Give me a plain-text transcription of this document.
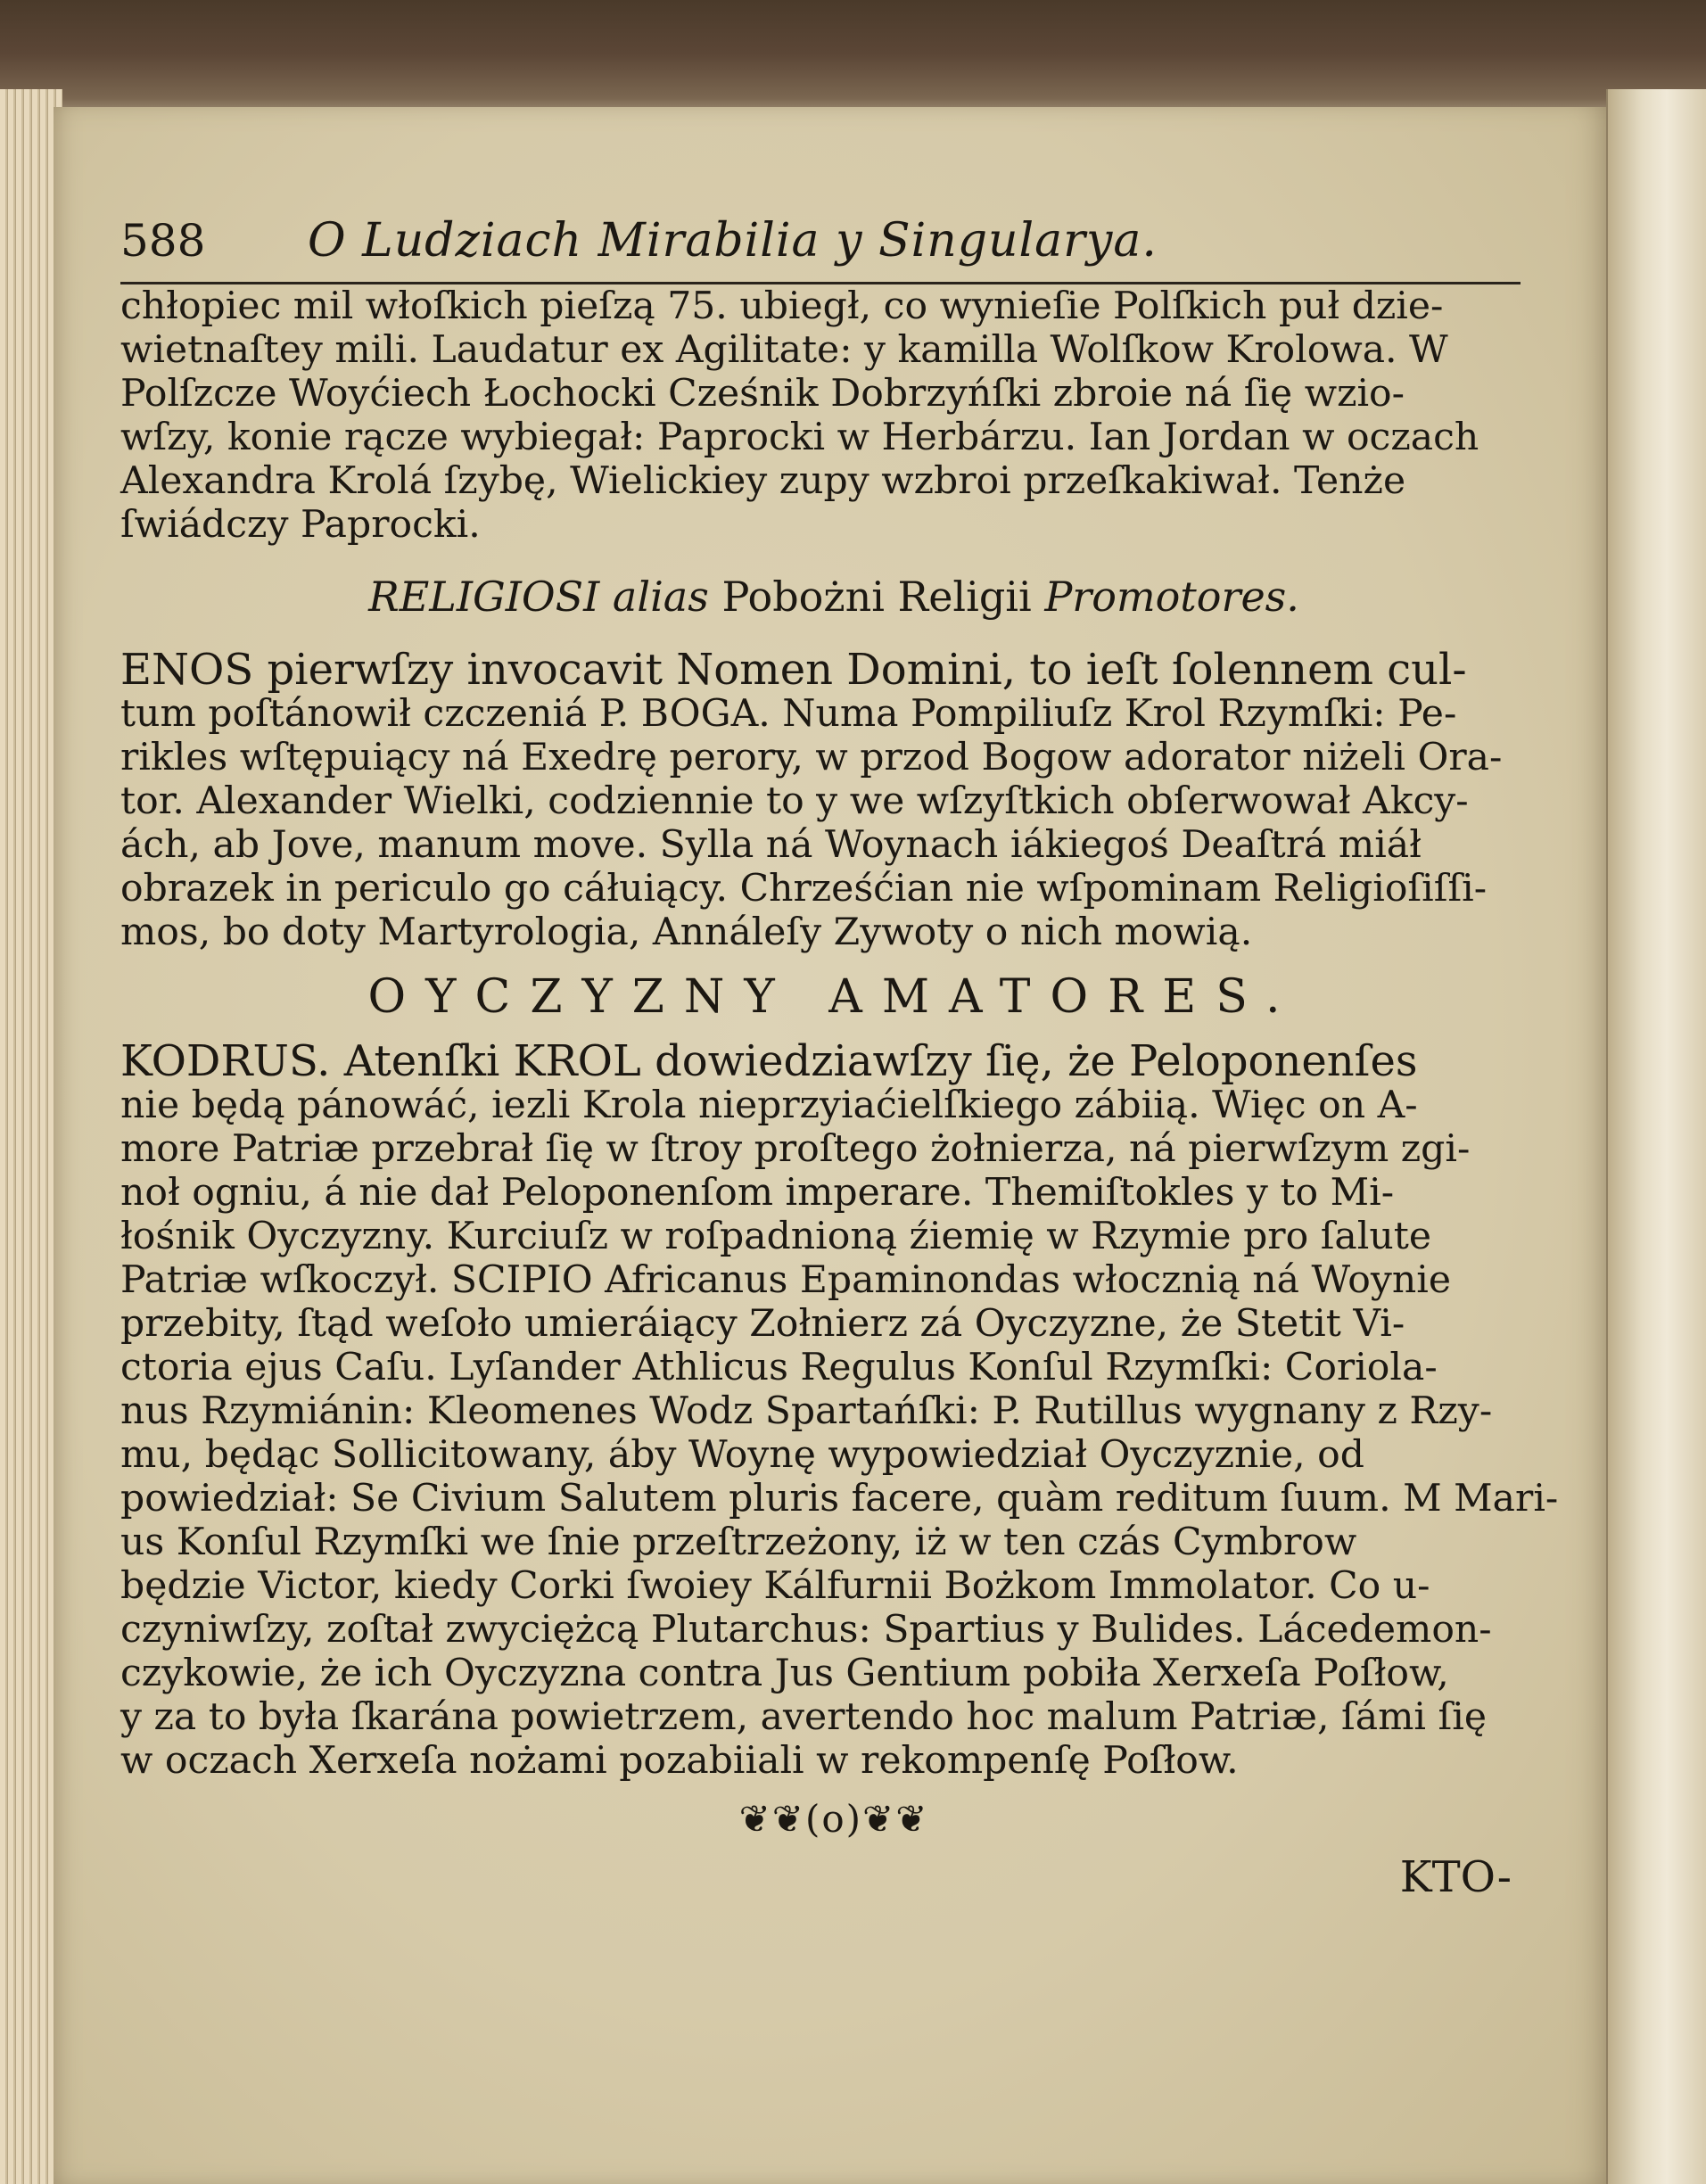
588	O Ludziach Mirabilia y Singularya.
chłopiec mil włoſkich pieſzą 75. ubiegł, co wynieſie Polſkich puł dzie-
wietnaſtey mili. Laudatur ex Agilitate: y kamilla Wolſkow Krolowa. W
Polſzcze Woyćiech Łochocki Cześnik Dobrzyńſki zbroie ná ſię wzio-
wſzy, konie rącze wybiegał: Paprocki w Herbárzu. Ian Jordan w oczach
Alexandra Krolá ſzybę, Wielickiey zupy wzbroi przeſkakiwał. Tenże
ſwiádczy Paprocki.
RELIGIOSI alias Pobożni Religii Promotores.
ENOS pierwſzy invocavit Nomen Domini, to ieſt ſolennem cul-
tum poſtánowił czczeniá P. BOGA. Numa Pompiliuſz Krol Rzymſki: Pe-
rikles wſtępuiący ná Exedrę perory, w przod Bogow adorator niżeli Ora-
tor. Alexander Wielki, codziennie to y we wſzyſtkich obſerwował Akcy-
ách, ab Jove, manum move. Sylla ná Woynach iákiegoś Deaſtrá miáł
obrazek in periculo go cáłuiący. Chrześćian nie wſpominam Religioſiſſi-
mos, bo doty Martyrologia, Annáleſy Zywoty o nich mowią.
OYCZYZNY AMATORES.
KODRUS. Atenſki KROL dowiedziawſzy ſię, że Peloponenſes
nie będą pánowáć, iezli Krola nieprzyiaćielſkiego zábiią. Więc on A-
more Patriæ przebrał ſię w ſtroy proſtego żołnierza, ná pierwſzym zgi-
noł ogniu, á nie dał Peloponenſom imperare. Themiſtokles y to Mi-
łośnik Oyczyzny. Kurciuſz w roſpadnioną źiemię w Rzymie pro ſalute
Patriæ wſkoczył. SCIPIO Africanus Epaminondas włocznią ná Woynie
przebity, ſtąd weſoło umieráiący Zołnierz zá Oyczyzne, że Stetit Vi-
ctoria ejus Caſu. Lyſander Athlicus Regulus Konſul Rzymſki: Coriola-
nus Rzymiánin: Kleomenes Wodz Spartańſki: P. Rutillus wygnany z Rzy-
mu, będąc Sollicitowany, áby Woynę wypowiedział Oyczyznie, od
powiedział: Se Civium Salutem pluris facere, quàm reditum ſuum. M Mari-
us Konſul Rzymſki we ſnie przeſtrzeżony, iż w ten czás Cymbrow
będzie Victor, kiedy Corki ſwoiey Kálfurnii Bożkom Immolator. Co u-
czyniwſzy, zoſtał zwyciężcą Plutarchus: Spartius y Bulides. Lácedemon-
czykowie, że ich Oyczyzna contra Jus Gentium pobiła Xerxeſa Poſłow,
y za to była ſkarána powietrzem, avertendo hoc malum Patriæ, ſámi ſię
w oczach Xerxeſa nożami pozabiiali w rekompenſę Poſłow.
❦❦(o)❦❦
KTO-
